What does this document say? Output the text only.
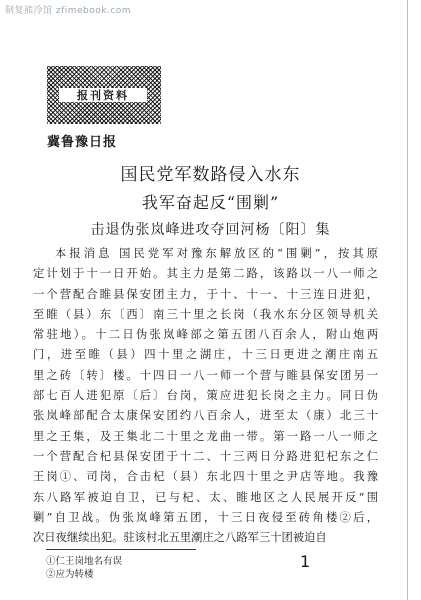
制复熊冷馆 zfimebook.com
报刊资料
冀鲁豫日报
国民党军数路侵入水东
我军奋起反“围剿”
击退伪张岚峰进攻夺回河杨〔阳〕集
本报消息 国民党军对豫东解放区的“围剿”，按其原
定计划于十一日开始。其主力是第二路，该路以一八一师之
一个营配合睢县保安团主力，于十、十一、十三连日进犯，
至睢（县）东〔西〕南三十里之长岗（我水东分区领导机关
常驻地）。十二日伪张岚峰部之第五团八百余人，附山炮两
门，进至睢（县）四十里之湖庄，十三日更进之潮庄南五
里之砖〔转〕楼。十四日一八一师一个营与睢县保安团另一
部七百人进犯原〔后〕台岗，策应进犯长岗之主力。同日伪
张岚峰部配合太康保安团约八百余人，进至太（康）北三十
里之王集，及王集北二十里之龙曲一带。第一路一八一师之
一个营配合杞县保安团于十二、十三两日分路进犯杞东之仁
王岗①、司岗，合击杞（县）东北四十里之尹店等地。我豫
东八路军被迫自卫，已与杞、太、睢地区之人民展开反“围
剿”自卫战。伪张岚峰第五团，十三日夜侵至砖角楼②后，
次日夜继续出犯。驻该村北五里潮庄之八路军三十团被迫自
①仁王岗地名有误
②应为转楼
1
